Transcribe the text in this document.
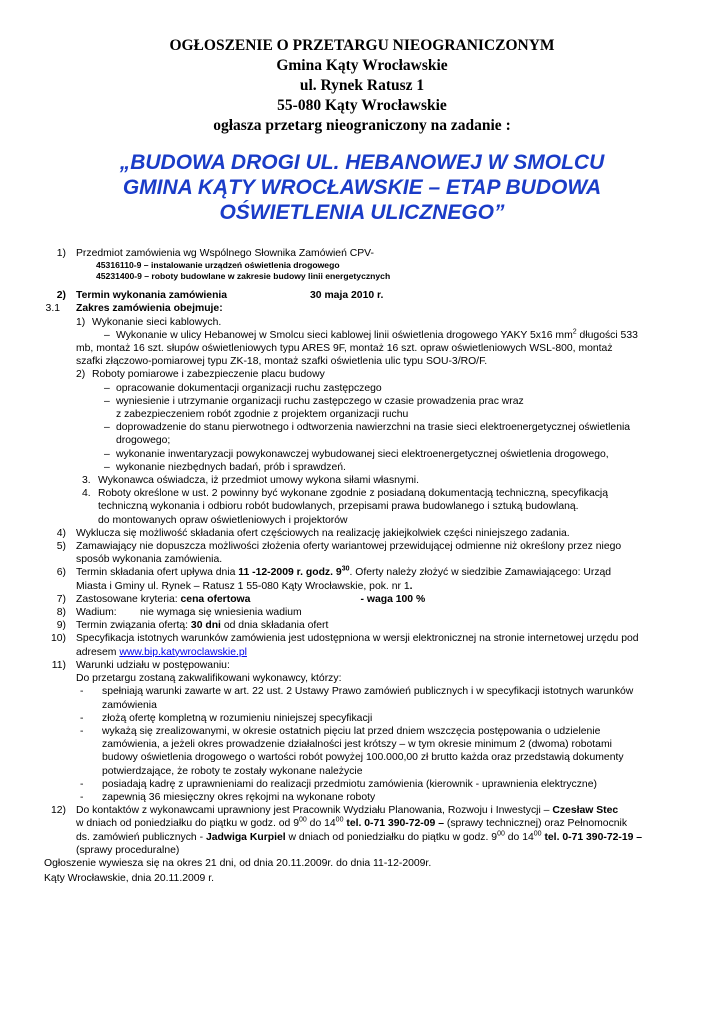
OGŁOSZENIE O PRZETARGU NIEOGRANICZONYM
Gmina Kąty Wrocławskie
ul. Rynek Ratusz 1
55-080 Kąty Wrocławskie
ogłasza przetarg nieograniczony na zadanie :
„BUDOWA DROGI UL. HEBANOWEJ W SMOLCU
GMINA KĄTY WROCŁAWSKIE – ETAP BUDOWA
OŚWIETLENIA ULICZNEGO”
1) Przedmiot zamówienia wg Wspólnego Słownika Zamówień CPV-
45316110-9 – instalowanie urządzeń oświetlenia drogowego
45231400-9 – roboty budowlane w zakresie budowy linii energetycznych
2) Termin wykonania zamówienia	30 maja 2010 r.
3.1 Zakres zamówienia obejmuje:
1) Wykonanie sieci kablowych.
– Wykonanie w ulicy Hebanowej w Smolcu sieci kablowej linii oświetlenia drogowego YAKY 5x16 $mm^2$ długości 533
mb, montaż 16 szt. słupów oświetleniowych typu ARES 9F, montaż 16 szt. opraw oświetleniowych WSL-800, montaż
szafki złączowo-pomiarowej typu ZK-18, montaż szafki oświetlenia ulic typu SOU-3/RO/F.
2) Roboty pomiarowe i zabezpieczenie placu budowy
– opracowanie dokumentacji organizacji ruchu zastępczego
– wyniesienie i utrzymanie organizacji ruchu zastępczego w czasie prowadzenia prac wraz
z zabezpieczeniem robót zgodnie z projektem organizacji ruchu
– doprowadzenie do stanu pierwotnego i odtworzenia nawierzchni na trasie sieci elektroenergetycznej oświetlenia
drogowego;
– wykonanie inwentaryzacji powykonawczej wybudowanej sieci elektroenergetycznej oświetlenia drogowego,
– wykonanie niezbędnych badań, prób i sprawdzeń.
3. Wykonawca oświadcza, iż przedmiot umowy wykona siłami własnymi.
4. Roboty określone w ust. 2 powinny być wykonane zgodnie z posiadaną dokumentacją techniczną, specyfikacją
techniczną wykonania i odbioru robót budowlanych, przepisami prawa budowlanego i sztuką budowlaną.
do montowanych opraw oświetleniowych i projektorów
4) Wyklucza się możliwość składania ofert częściowych na realizację jakiejkolwiek części niniejszego zadania.
5) Zamawiający nie dopuszcza możliwości złożenia oferty wariantowej przewidującej odmienne niż określony przez niego
sposób wykonania zamówienia.
6) Termin składania ofert upływa dnia 11 -12-2009 r. godz. $9^{30}$. Oferty należy złożyć w siedzibie Zamawiającego: Urząd
Miasta i Gminy ul. Rynek – Ratusz 1 55-080 Kąty Wrocławskie, pok. nr 1.
7) Zastosowane kryteria: cena ofertowa	- waga 100 %
8) Wadium: nie wymaga się wniesienia wadium
9) Termin związania ofertą: 30 dni od dnia składania ofert
10) Specyfikacja istotnych warunków zamówienia jest udostępniona w wersji elektronicznej na stronie internetowej urzędu pod
adresem www.bip.katywroclawskie.pl
11) Warunki udziału w postępowaniu:
Do przetargu zostaną zakwalifikowani wykonawcy, którzy:
- spełniają warunki zawarte w art. 22 ust. 2 Ustawy Prawo zamówień publicznych i w specyfikacji istotnych warunków
zamówienia
- złożą ofertę kompletną w rozumieniu niniejszej specyfikacji
- wykażą się zrealizowanymi, w okresie ostatnich pięciu lat przed dniem wszczęcia postępowania o udzielenie
zamówienia, a jeżeli okres prowadzenie działalności jest krótszy – w tym okresie minimum 2 (dwoma) robotami
budowy oświetlenia drogowego o wartości robót powyżej 100.000,00 zł brutto każda oraz przedstawią dokumenty
potwierdzające, że roboty te zostały wykonane należycie
- posiadają kadrę z uprawnieniami do realizacji przedmiotu zamówienia (kierownik - uprawnienia elektryczne)
- zapewnią 36 miesięczny okres rękojmi na wykonane roboty
12) Do kontaktów z wykonawcami uprawniony jest Pracownik Wydziału Planowania, Rozwoju i Inwestycji – Czesław Stec
w dniach od poniedziałku do piątku w godz. od $9^{00}$ do $14^{00}$ tel. 0-71 390-72-09 – (sprawy technicznej) oraz Pełnomocnik
ds. zamówień publicznych - Jadwiga Kurpiel w dniach od poniedziałku do piątku w godz. $9^{00}$ do $14^{00}$ tel. 0-71 390-72-19 –
(sprawy proceduralne)
Ogłoszenie wywiesza się na okres 21 dni, od dnia 20.11.2009r. do dnia 11-12-2009r.
Kąty Wrocławskie, dnia 20.11.2009 r.
